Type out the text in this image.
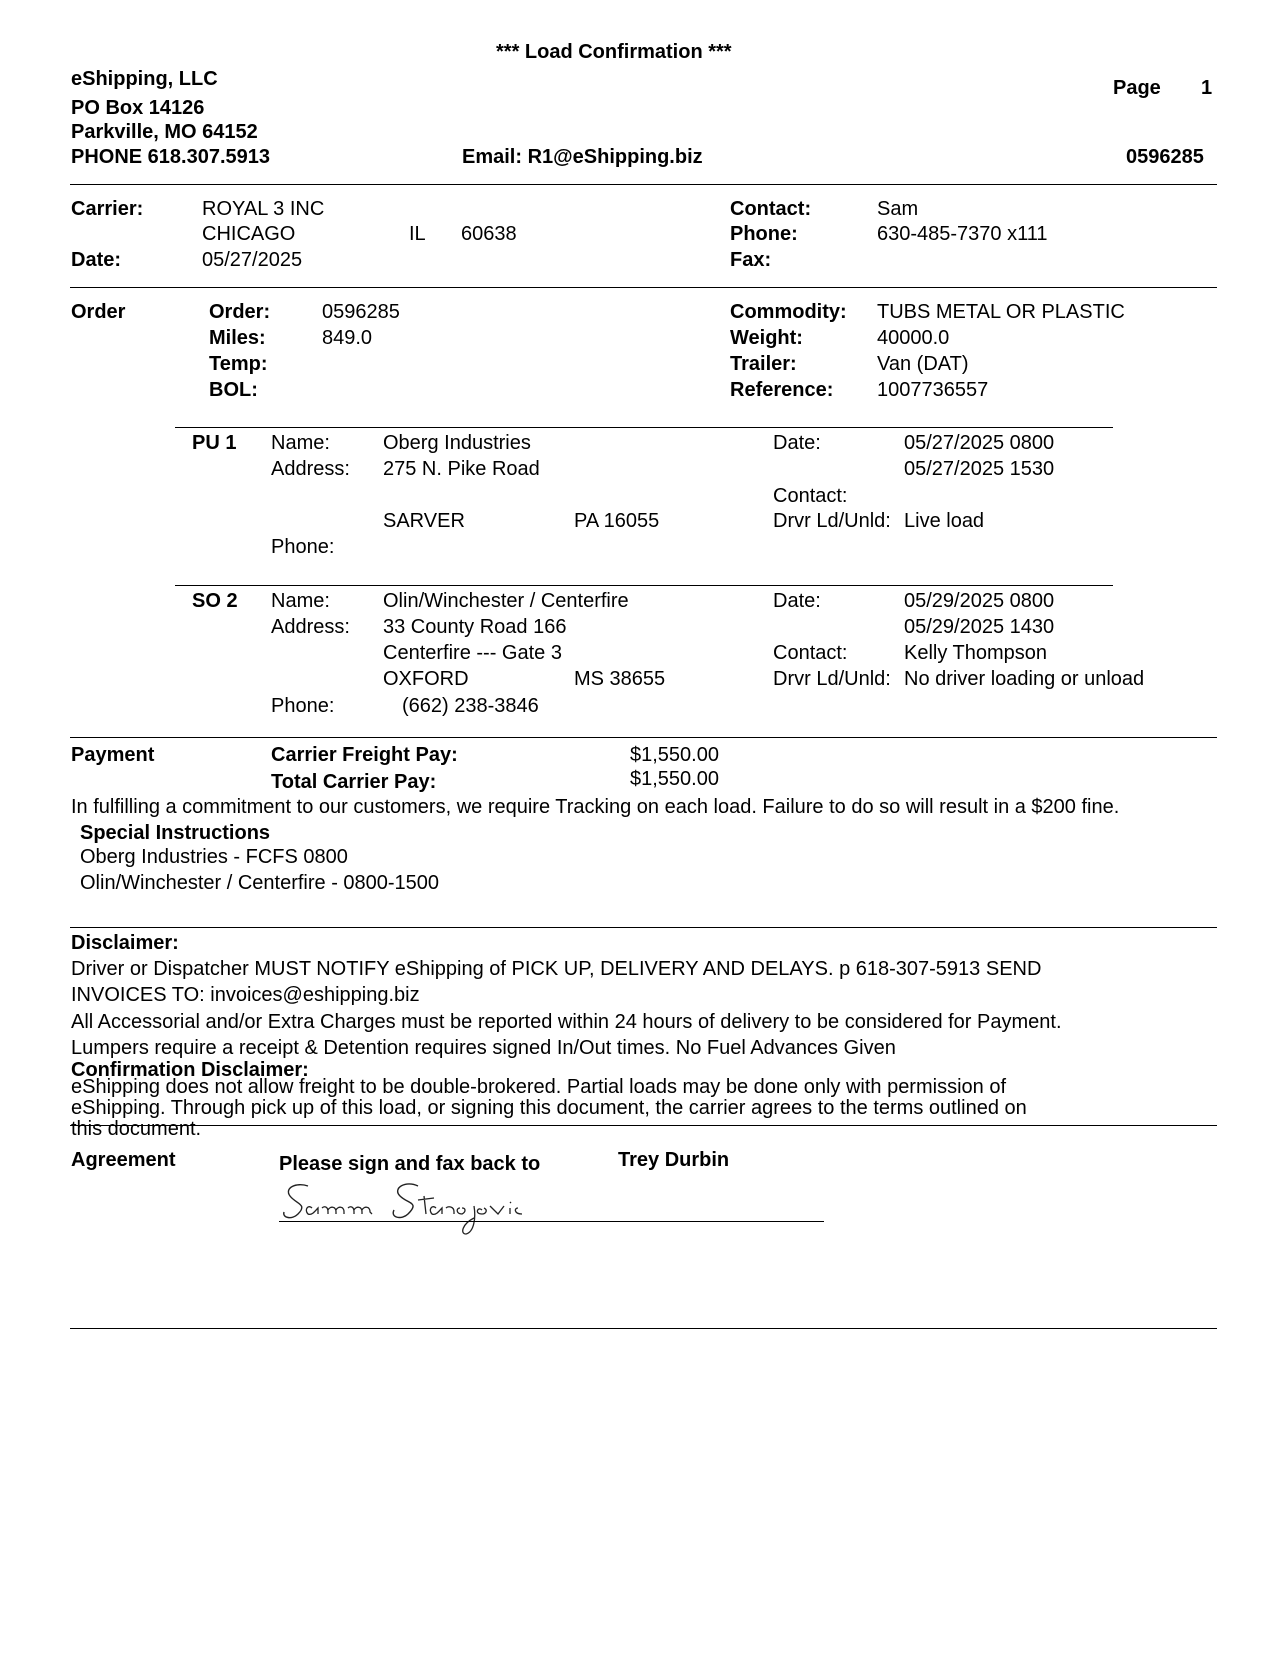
*** Load Confirmation ***
eShipping, LLC
PO Box 14126
Parkville, MO 64152
PHONE 618.307.5913	Email: R1@eShipping.biz
Page 1
0596285
Carrier:	ROYAL 3 INC
CHICAGO	IL 60638
Date:	05/27/2025
Contact:	Sam
Phone:	630-485-7370 x111
Fax:
Order	Order:	0596285
Miles:	849.0
Temp:
BOL:
Commodity: TUBS METAL OR PLASTIC
Weight:	40000.0
Trailer:	Van (DAT)
Reference: 1007736557
PU 1 Name:	Oberg Industries
Address: 275 N. Pike Road
SARVER	PA 16055
Phone:
Date:	05/27/2025 0800
05/27/2025 1530
Contact:
Drvr Ld/Unld: Live load
SO 2 Name:	Olin/Winchester / Centerfire
Address: 33 County Road 166
Centerfire --- Gate 3
OXFORD	MS 38655
Phone:	(662) 238-3846
Date:	05/29/2025 0800
05/29/2025 1430
Contact:	Kelly Thompson
Drvr Ld/Unld: No driver loading or unload
Payment	Carrier Freight Pay:	$1,550.00
Total Carrier Pay:	$1,550.00
In fulfilling a commitment to our customers, we require Tracking on each load. Failure to do so will result in a $200 fine.
Special Instructions
Oberg Industries - FCFS 0800
Olin/Winchester / Centerfire - 0800-1500
Disclaimer:
Driver or Dispatcher MUST NOTIFY eShipping of PICK UP, DELIVERY AND DELAYS. p 618-307-5913 SEND
INVOICES TO: invoices@eshipping.biz
All Accessorial and/or Extra Charges must be reported within 24 hours of delivery to be considered for Payment.
Lumpers require a receipt & Detention requires signed In/Out times. No Fuel Advances Given
Confirmation Disclaimer:
eShipping does not allow freight to be double-brokered. Partial loads may be done only with permission of
eShipping. Through pick up of this load, or signing this document, the carrier agrees to the terms outlined on
this document.
Agreement	Please sign and fax back to	Trey Durbin
